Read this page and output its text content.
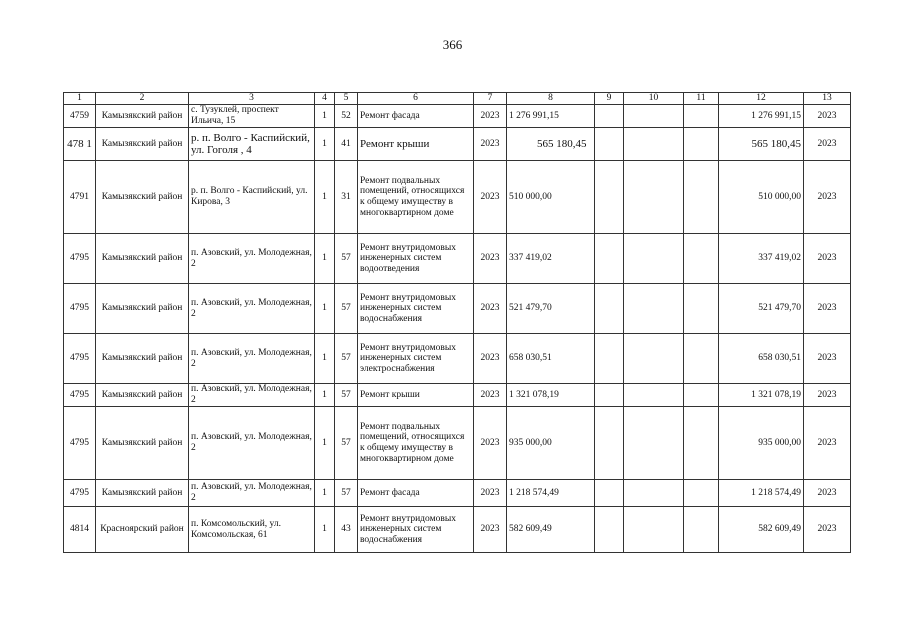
366
1	2	3	4	5	6	7	8	9	10	11	12	13
4759	Камызякский район	с. Тузуклей, проспект Ильича, 15	1	52	Ремонт фасада	2023	1 276 991,15				1 276 991,15	2023
478 1	Камызякский район	р. п. Волго - Каспийский, ул. Гоголя , 4	1	41	Ремонт крыши	2023	565 180,45				565 180,45	2023
4791	Камызякский район	р. п. Волго - Каспийский, ул. Кирова, 3	1	31	Ремонт подвальных помещений, относящихся к общему имуществу в многоквартирном доме	2023	510 000,00				510 000,00	2023
4795	Камызякский район	п. Азовский, ул. Молодежная, 2	1	57	Ремонт внутридомовых инженерных систем водоотведения	2023	337 419,02				337 419,02	2023
4795	Камызякский район	п. Азовский, ул. Молодежная, 2	1	57	Ремонт внутридомовых инженерных систем водоснабжения	2023	521 479,70				521 479,70	2023
4795	Камызякский район	п. Азовский, ул. Молодежная, 2	1	57	Ремонт внутридомовых инженерных систем электроснабжения	2023	658 030,51				658 030,51	2023
4795	Камызякский район	п. Азовский, ул. Молодежная, 2	1	57	Ремонт крыши	2023	1 321 078,19				1 321 078,19	2023
4795	Камызякский район	п. Азовский, ул. Молодежная, 2	1	57	Ремонт подвальных помещений, относящихся к общему имуществу в многоквартирном доме	2023	935 000,00				935 000,00	2023
4795	Камызякский район	п. Азовский, ул. Молодежная, 2	1	57	Ремонт фасада	2023	1 218 574,49				1 218 574,49	2023
4814	Красноярский район	п. Комсомольский, ул. Комсомольская, 61	1	43	Ремонт внутридомовых инженерных систем водоснабжения	2023	582 609,49				582 609,49	2023
